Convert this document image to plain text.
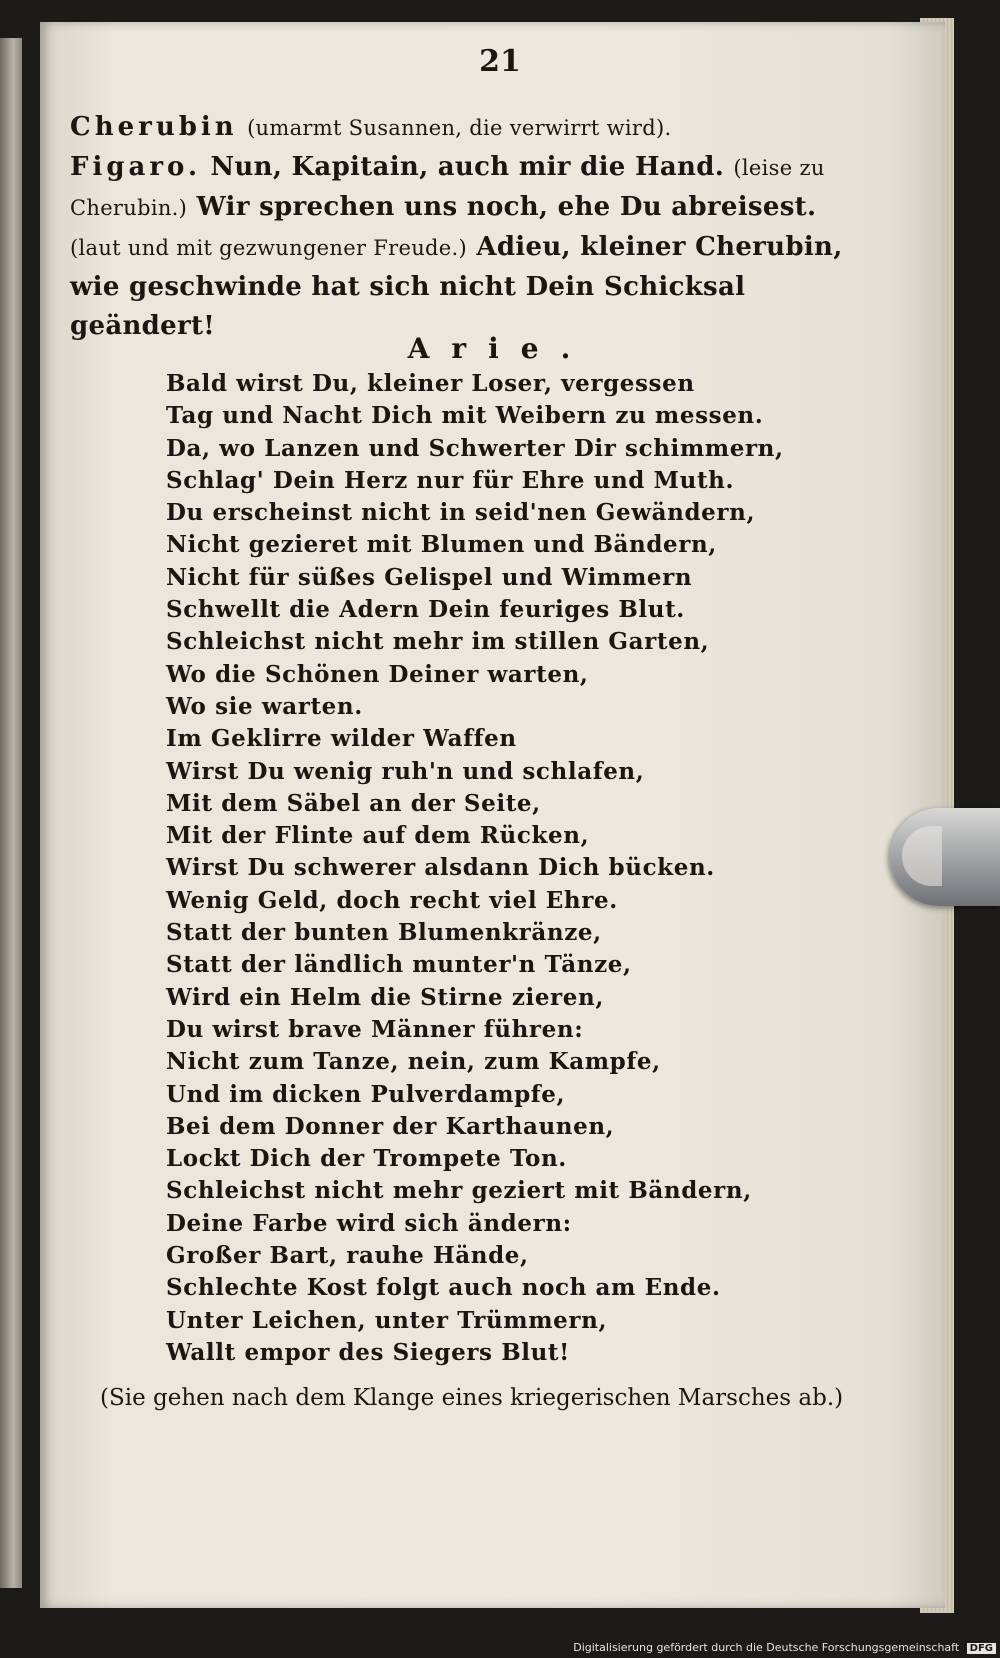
21

Cherubin (umarmt Susannen, die verwirrt wird).

Figaro. Nun, Kapitain, auch mir die Hand. (leise zu Cherubin.) Wir sprechen uns noch, ehe Du abreisest. (laut und mit gezwungener Freude.) Adieu, kleiner Cherubin, wie geschwinde hat sich nicht Dein Schicksal geändert!

Arie.
Bald wirst Du, kleiner Loser, vergessen
Tag und Nacht Dich mit Weibern zu messen.
Da, wo Lanzen und Schwerter Dir schimmern,
Schlag' Dein Herz nur für Ehre und Muth.
Du erscheinst nicht in seid'nen Gewändern,
Nicht gezieret mit Blumen und Bändern,
Nicht für süßes Gelispel und Wimmern
Schwellt die Adern Dein feuriges Blut.
Schleichst nicht mehr im stillen Garten,
Wo die Schönen Deiner warten,
Wo sie warten.
Im Geklirre wilder Waffen
Wirst Du wenig ruh'n und schlafen,
Mit dem Säbel an der Seite,
Mit der Flinte auf dem Rücken,
Wirst Du schwerer alsdann Dich bücken.
Wenig Geld, doch recht viel Ehre.
Statt der bunten Blumenkränze,
Statt der ländlich munter'n Tänze,
Wird ein Helm die Stirne zieren,
Du wirst brave Männer führen:
Nicht zum Tanze, nein, zum Kampfe,
Und im dicken Pulverdampfe,
Bei dem Donner der Karthaunen,
Lockt Dich der Trompete Ton.
Schleichst nicht mehr geziert mit Bändern,
Deine Farbe wird sich ändern:
Großer Bart, rauhe Hände,
Schlechte Kost folgt auch noch am Ende.
Unter Leichen, unter Trümmern,
Wallt empor des Siegers Blut!
(Sie gehen nach dem Klange eines kriegerischen Marsches ab.)
Digitalisierung gefördert durch die Deutsche Forschungsgemeinschaft DFG
